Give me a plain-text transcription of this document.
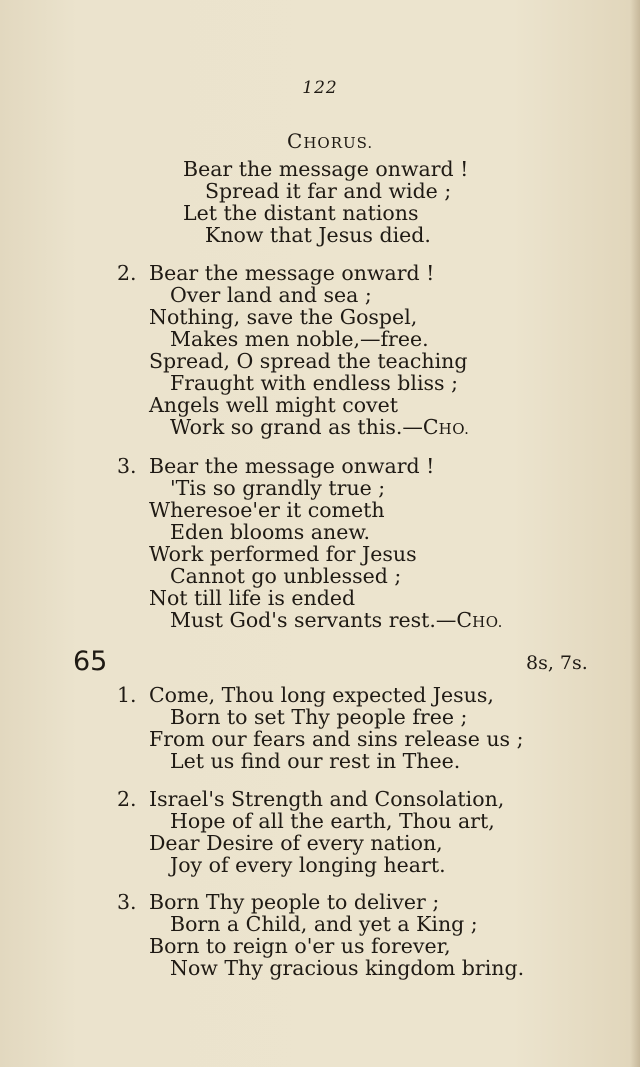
122
CHORUS.
Bear the message onward !
Spread it far and wide ;
Let the distant nations
Know that Jesus died.
2. Bear the message onward !
Over land and sea ;
Nothing, save the Gospel,
Makes men noble,—free.
Spread, O spread the teaching
Fraught with endless bliss ;
Angels well might covet
Work so grand as this.—CHO.
3. Bear the message onward !
'Tis so grandly true ;
Wheresoe'er it cometh
Eden blooms anew.
Work performed for Jesus
Cannot go unblessed ;
Not till life is ended
Must God's servants rest.—CHO.
65	8s, 7s.
1. Come, Thou long expected Jesus,
Born to set Thy people free ;
From our fears and sins release us ;
Let us find our rest in Thee.
2. Israel's Strength and Consolation,
Hope of all the earth, Thou art,
Dear Desire of every nation,
Joy of every longing heart.
3. Born Thy people to deliver ;
Born a Child, and yet a King ;
Born to reign o'er us forever,
Now Thy gracious kingdom bring.
